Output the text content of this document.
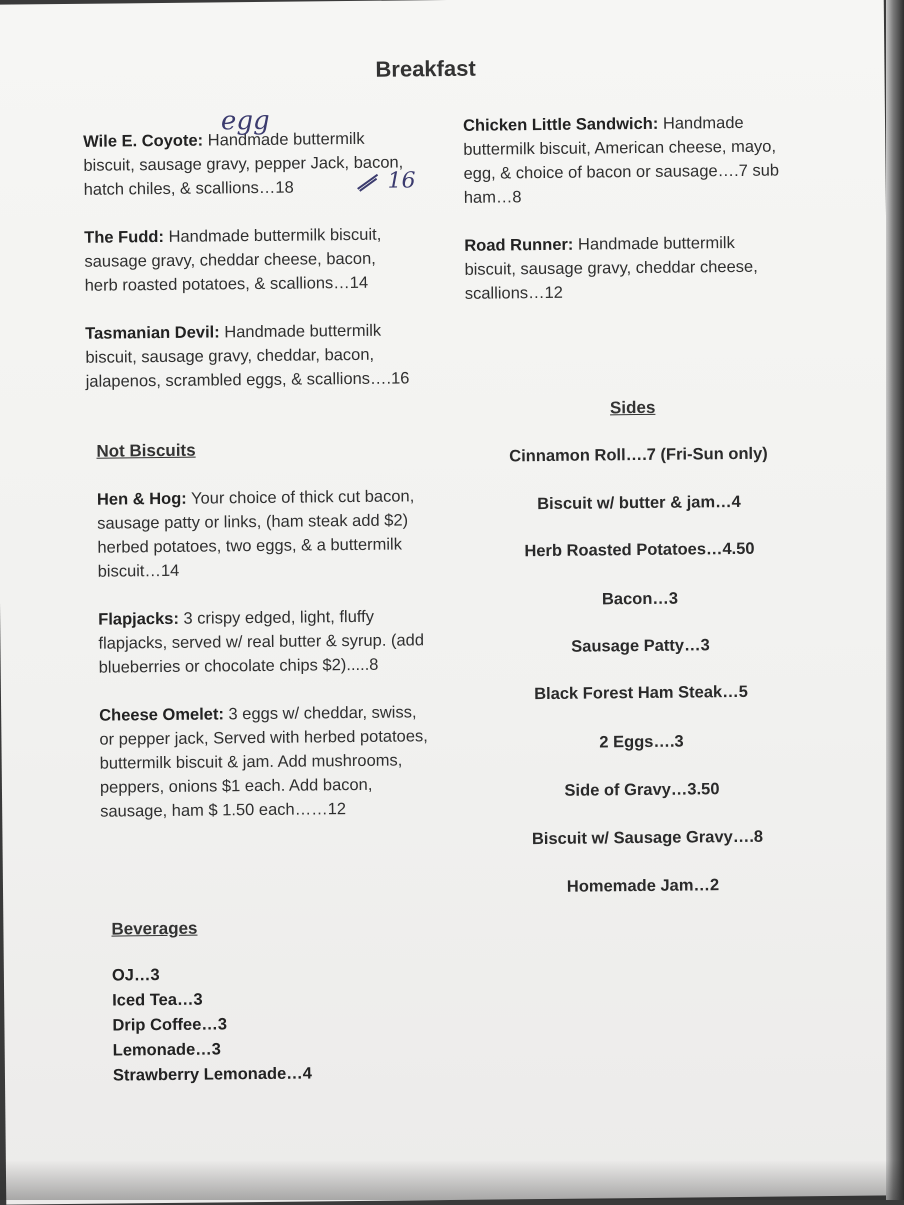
Breakfast

Wile E. Coyote: Handmade buttermilk biscuit, sausage gravy, pepper Jack, bacon, hatch chiles, & scallions…18

The Fudd: Handmade buttermilk biscuit, sausage gravy, cheddar cheese, bacon, herb roasted potatoes, & scallions…14

Tasmanian Devil: Handmade buttermilk biscuit, sausage gravy, cheddar, bacon, jalapenos, scrambled eggs, & scallions….16

egg
16
Not Biscuits

Hen & Hog: Your choice of thick cut bacon, sausage patty or links, (ham steak add $2) herbed potatoes, two eggs, & a buttermilk biscuit…14

Flapjacks: 3 crispy edged, light, fluffy flapjacks, served w/ real butter & syrup. (add blueberries or chocolate chips $2).....8

Cheese Omelet: 3 eggs w/ cheddar, swiss, or pepper jack, Served with herbed potatoes, buttermilk biscuit & jam. Add mushrooms, peppers, onions $1 each. Add bacon, sausage, ham $ 1.50 each……12

Beverages
OJ…3
Iced Tea…3
Drip Coffee…3
Lemonade…3
Strawberry Lemonade…4

Chicken Little Sandwich: Handmade buttermilk biscuit, American cheese, mayo, egg, & choice of bacon or sausage….7 sub ham…8

Road Runner: Handmade buttermilk biscuit, sausage gravy, cheddar cheese, scallions…12

Sides
Cinnamon Roll….7 (Fri-Sun only)
Biscuit w/ butter & jam…4
Herb Roasted Potatoes…4.50
Bacon…3
Sausage Patty…3
Black Forest Ham Steak…5
2 Eggs….3
Side of Gravy…3.50
Biscuit w/ Sausage Gravy….8
Homemade Jam…2
